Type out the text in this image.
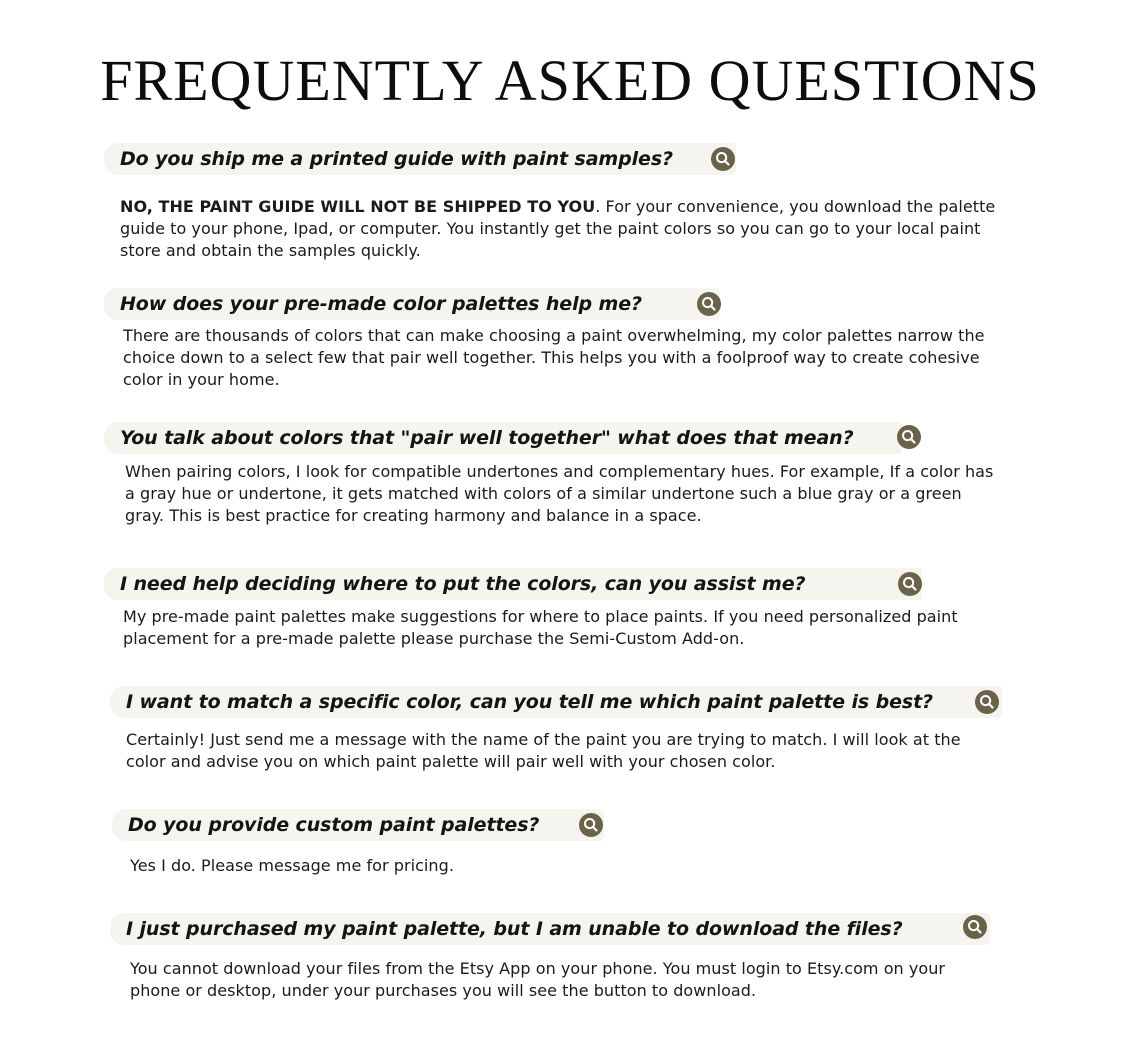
FREQUENTLY ASKED QUESTIONS
Do you ship me a printed guide with paint samples?

NO, THE PAINT GUIDE WILL NOT BE SHIPPED TO YOU. For your convenience, you download the palette guide to your phone, Ipad, or computer. You instantly get the paint colors so you can go to your local paint store and obtain the samples quickly.

How does your pre-made color palettes help me?

There are thousands of colors that can make choosing a paint overwhelming, my color palettes narrow the choice down to a select few that pair well together. This helps you with a foolproof way to create cohesive color in your home.

You talk about colors that "pair well together" what does that mean?

When pairing colors, I look for compatible undertones and complementary hues. For example, If a color has a gray hue or undertone, it gets matched with colors of a similar undertone such a blue gray or a green gray. This is best practice for creating harmony and balance in a space.

I need help deciding where to put the colors, can you assist me?

My pre-made paint palettes make suggestions for where to place paints. If you need personalized paint placement for a pre-made palette please purchase the Semi-Custom Add-on.

I want to match a specific color, can you tell me which paint palette is best?

Certainly! Just send me a message with the name of the paint you are trying to match. I will look at the color and advise you on which paint palette will pair well with your chosen color.

Do you provide custom paint palettes?

Yes I do. Please message me for pricing.

I just purchased my paint palette, but I am unable to download the files?

You cannot download your files from the Etsy App on your phone. You must login to Etsy.com on your phone or desktop, under your purchases you will see the button to download.
